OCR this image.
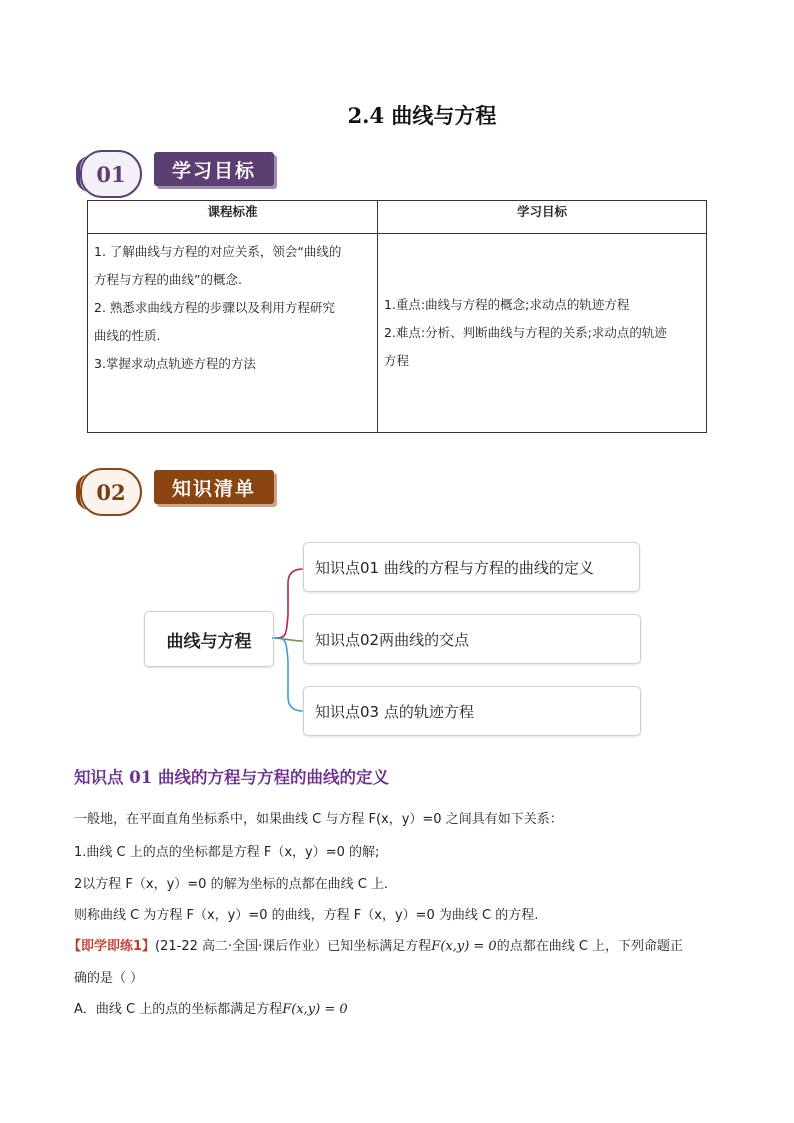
2.4 曲线与方程
01	学习目标
课程标准	学习目标

1. 了解曲线与方程的对应关系，领会“曲线的
方程与方程的曲线”的概念.
2. 熟悉求曲线方程的步骤以及利用方程研究
曲线的性质.
3.掌握求动点轨迹方程的方法	1.重点:曲线与方程的概念;求动点的轨迹方程
2.难点:分析、判断曲线与方程的关系;求动点的轨迹
方程
02	知识清单
曲线与方程
知识点01 曲线的方程与方程的曲线的定义
知识点02两曲线的交点
知识点03 点的轨迹方程
知识点 01 曲线的方程与方程的曲线的定义
一般地，在平面直角坐标系中，如果曲线 C 与方程 F(x，y）=0 之间具有如下关系：
1.曲线 C 上的点的坐标都是方程 F（x，y）=0 的解;
2以方程 F（x，y）=0 的解为坐标的点都在曲线 C 上.
则称曲线 C 为方程 F（x，y）=0 的曲线，方程 F（x，y）=0 为曲线 C 的方程.
【即学即练1】(21-22 高二·全国·课后作业）已知坐标满足方程F(x,y) = 0的点都在曲线 C 上，下列命题正
确的是（ ）
A．曲线 C 上的点的坐标都满足方程F(x,y) = 0
